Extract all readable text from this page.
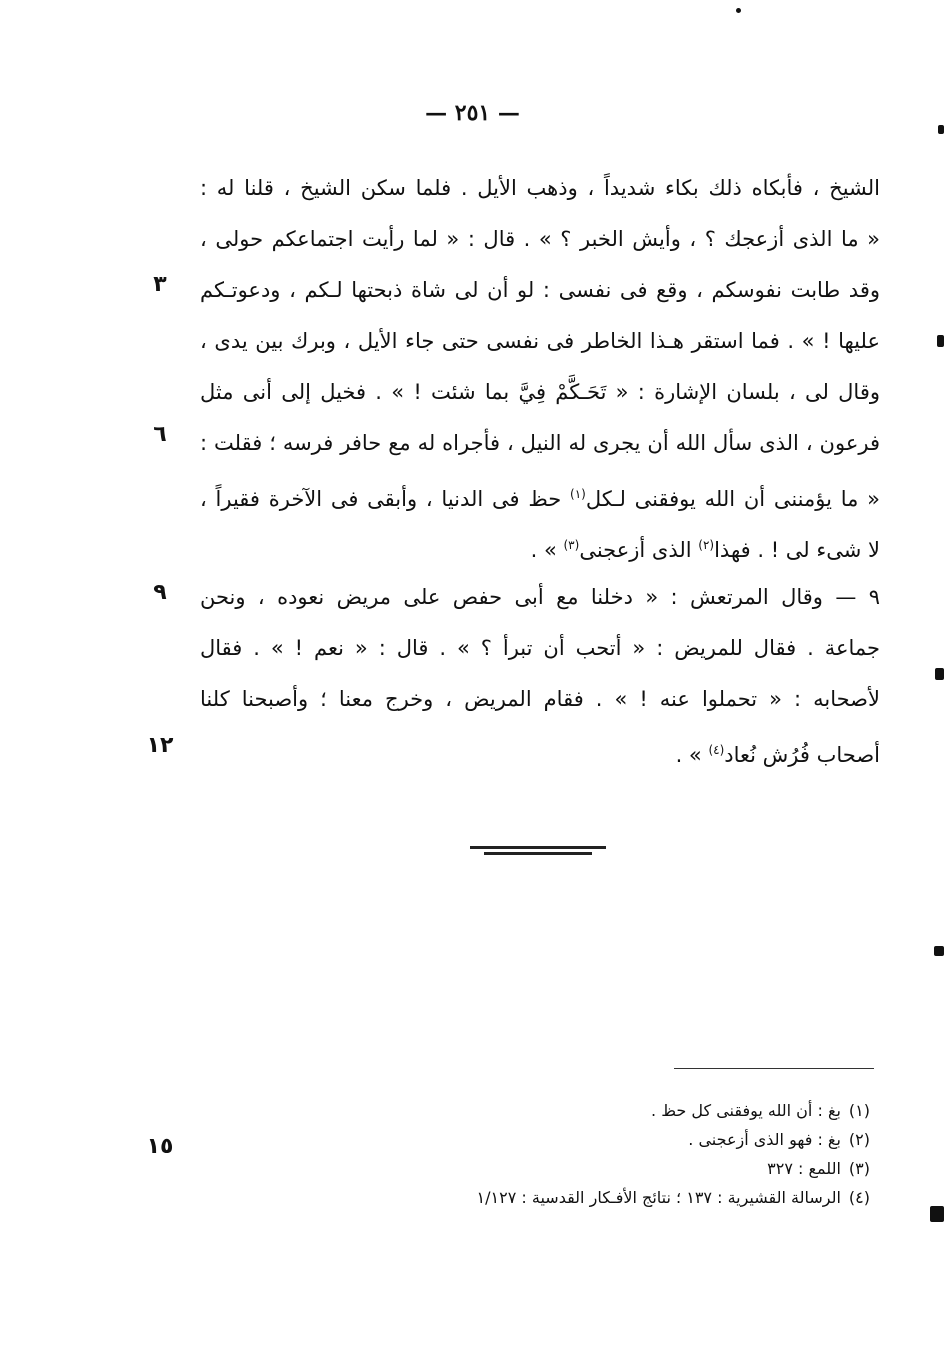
— ٢٥١ —
الشيخ ، فأبكاه ذلك بكاء شديداً ، وذهب الأيل . فلما سكن الشيخ ، قلنا له :
« ما الذى أزعجك ؟ ، وأيش الخبر ؟ » . قال : « لما رأيت اجتماعكم حولى ،
وقد طابت نفوسكم ، وقع فى نفسى : لو أن لى شاة ذبحتها لـكم ، ودعوتـكم
عليها ! » . فما استقر هـذا الخاطر فى نفسى حتى جاء الأيل ، وبرك بين يدى ،
وقال لى ، بلسان الإشارة : « تَحَـكَّمْ فِيَّ بما شئت ! » . فخيل إلى أنى مثل
فرعون ، الذى سأل الله أن يجرى له النيل ، فأجراه له مع حافر فرسه ؛ فقلت :
« ما يؤمننى أن الله يوفقنى لـكل$^{(١)}$ حظ فى الدنيا ، وأبقى فى الآخرة فقيراً ،
لا شىء لى ! . فهذا$^{(٢)}$ الذى أزعجنى$^{(٣)}$ » .
٩ — وقال المرتعش : « دخلنا مع أبى حفص على مريض نعوده ، ونحن
جماعة . فقال للمريض : « أتحب أن تبرأ ؟ » . قال : « نعم ! » . فقال
لأصحابه : « تحملوا عنه ! » . فقام المريض ، وخرج معنا ؛ وأصبحنا كلنا
أصحاب فُرُش نُعاد$^{(٤)}$ » .
٣
٦
٩
١٢
١٥
(١)بغ : أن الله يوفقنى كل حظ .
(٢)بغ : فهو الذى أزعجنى .
(٣)اللمع : ٣٢٧
(٤)الرسالة القشيرية : ١٣٧ ؛ نتائج الأفـكار القدسية : ١/١٢٧
